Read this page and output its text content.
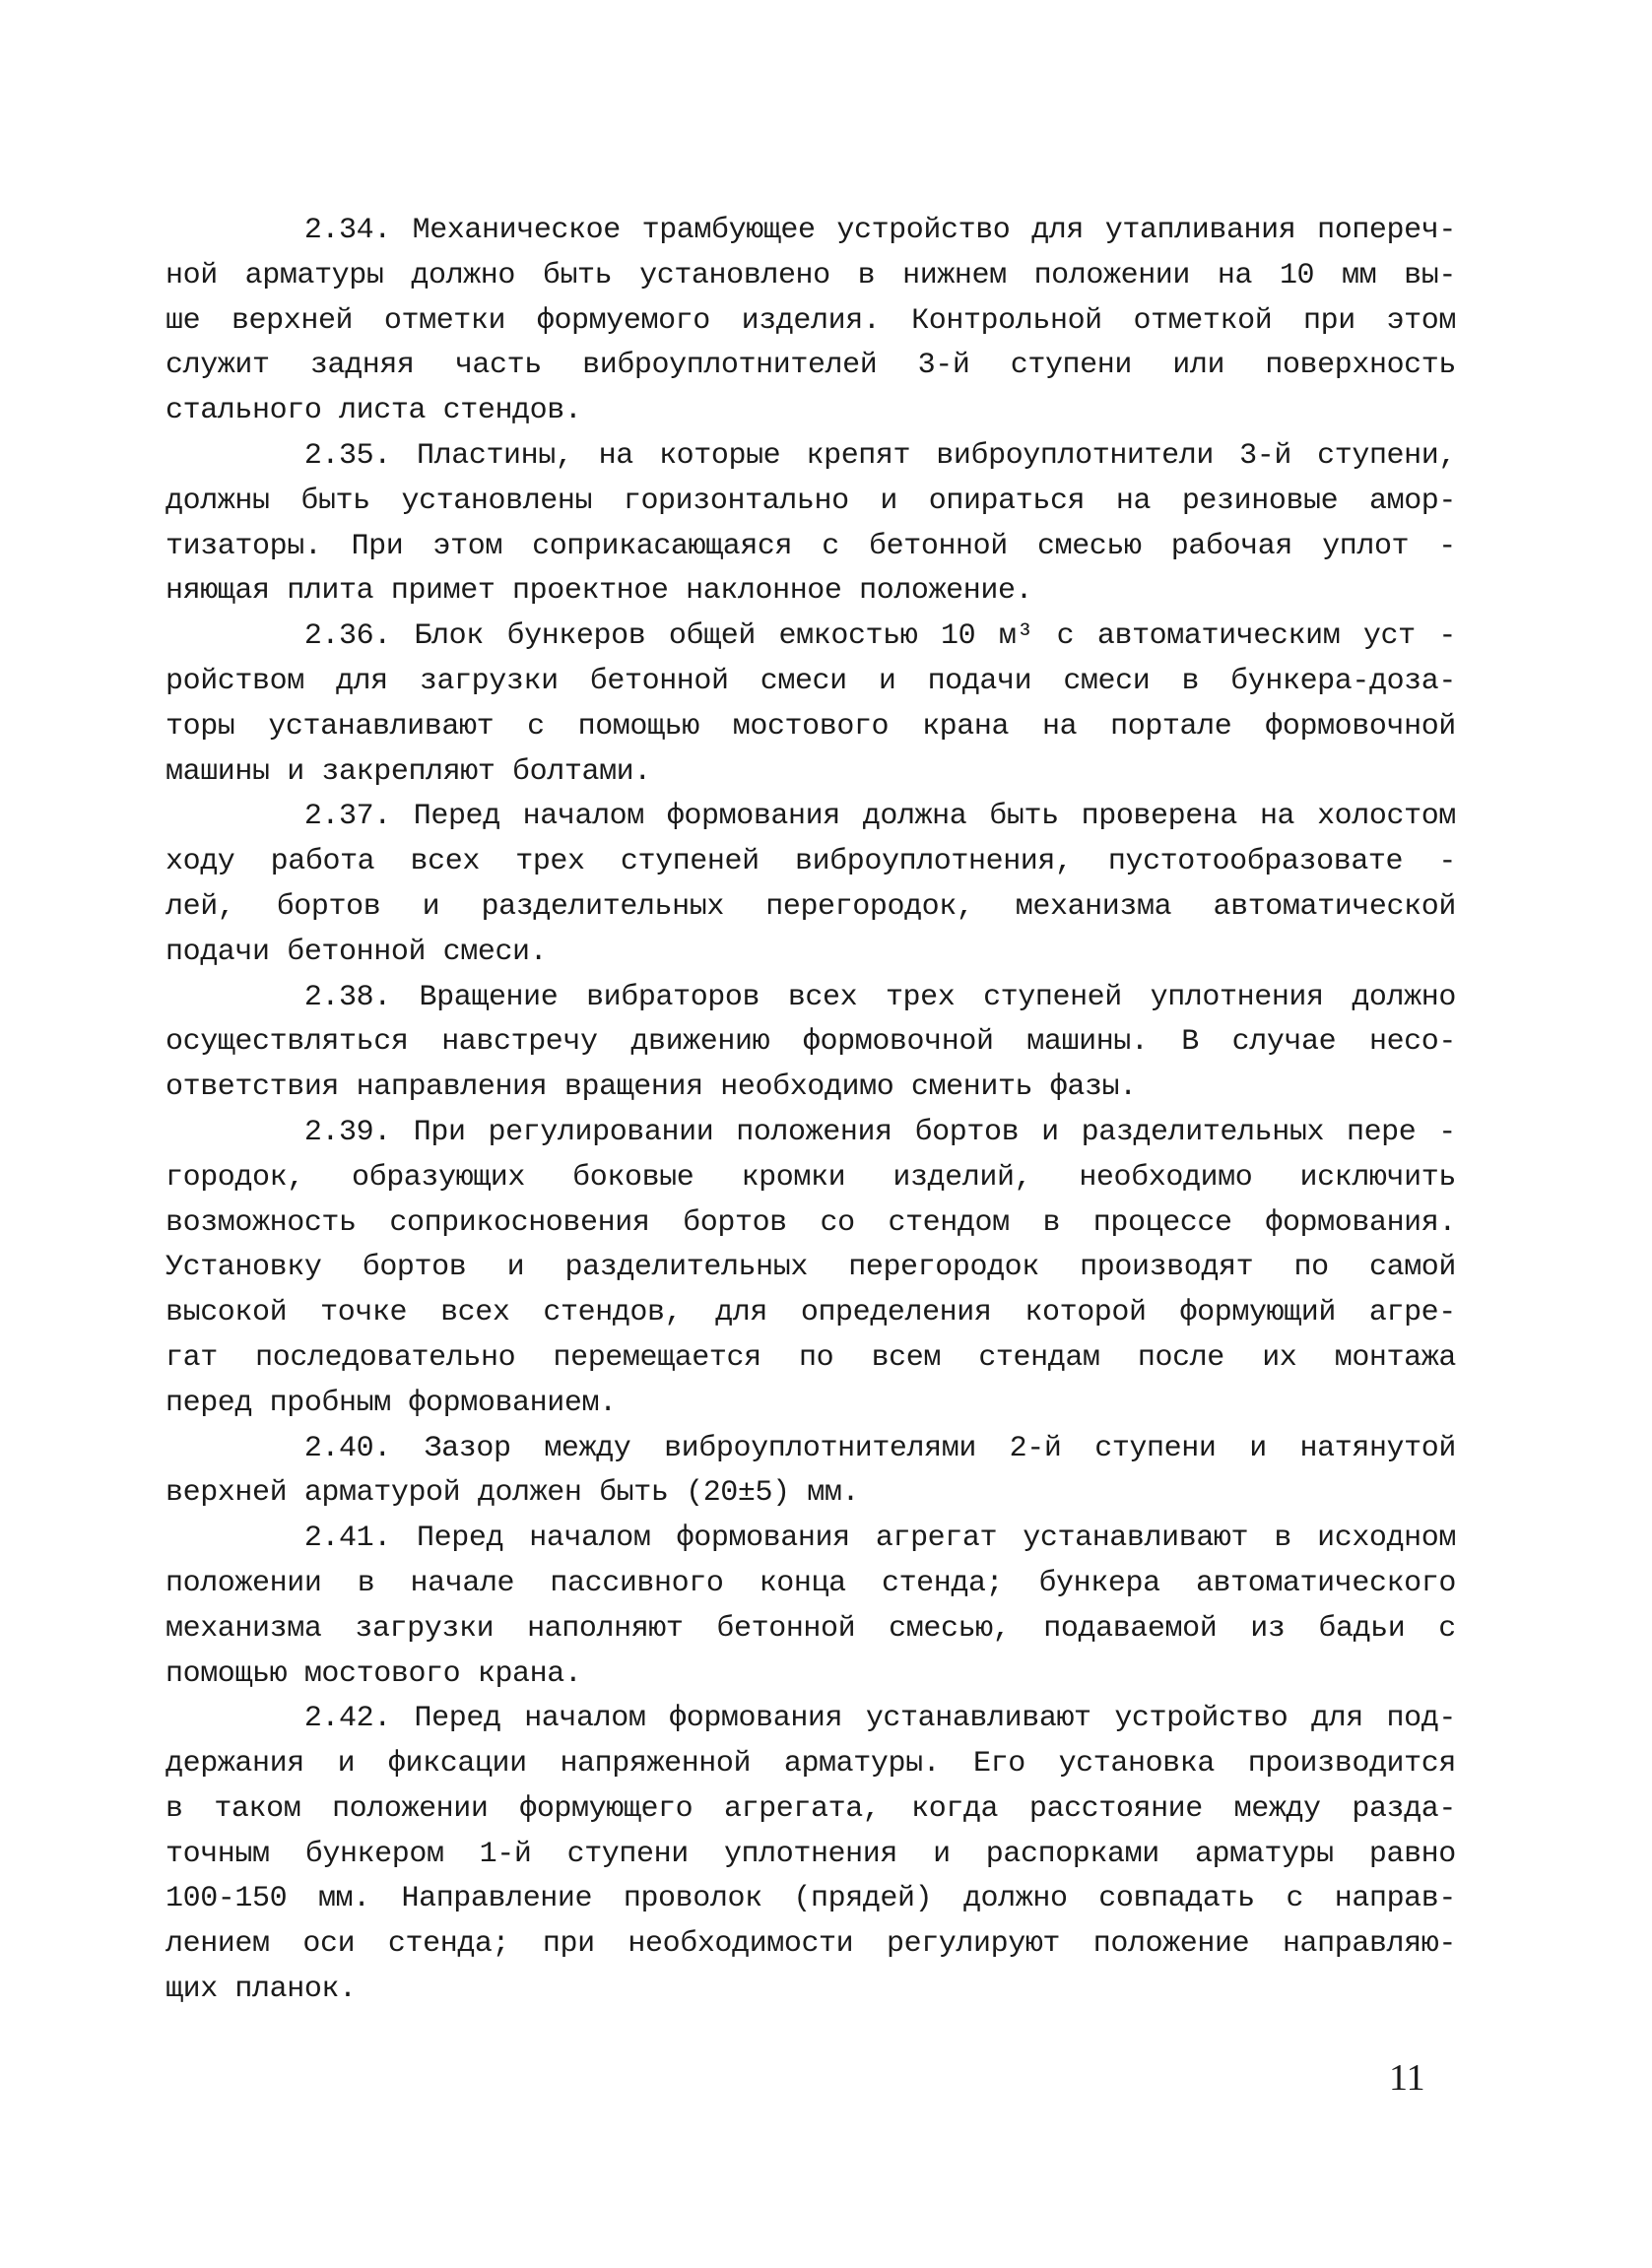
2.34. Механическое трамбующее устройство для утапливания попереч-
ной арматуры должно быть установлено в нижнем положении на 10 мм вы-
ше верхней отметки формуемого изделия. Контрольной отметкой при этом
служит задняя часть виброуплотнителей 3-й ступени или поверхность
стального листа стендов.
2.35. Пластины, на которые крепят виброуплотнители 3-й ступени,
должны быть установлены горизонтально и опираться на резиновые амор-
тизаторы. При этом соприкасающаяся с бетонной смесью рабочая уплот -
няющая плита примет проектное наклонное положение.
2.36. Блок бункеров общей емкостью 10 м³ с автоматическим уст -
ройством для загрузки бетонной смеси и подачи смеси в бункера-доза-
торы устанавливают с помощью мостового крана на портале формовочной
машины и закрепляют болтами.
2.37. Перед началом формования должна быть проверена на холостом
ходу работа всех трех ступеней виброуплотнения, пустотообразовате -
лей, бортов и разделительных перегородок, механизма автоматической
подачи бетонной смеси.
2.38. Вращение вибраторов всех трех ступеней уплотнения должно
осуществляться навстречу движению формовочной машины. В случае несо-
ответствия направления вращения необходимо сменить фазы.
2.39. При регулировании положения бортов и разделительных пере -
городок, образующих боковые кромки изделий, необходимо исключить
возможность соприкосновения бортов со стендом в процессе формования.
Установку бортов и разделительных перегородок производят по самой
высокой точке всех стендов, для определения которой формующий агре-
гат последовательно перемещается по всем стендам после их монтажа
перед пробным формованием.
2.40. Зазор между виброуплотнителями 2-й ступени и натянутой
верхней арматурой должен быть (20±5) мм.
2.41. Перед началом формования агрегат устанавливают в исходном
положении в начале пассивного конца стенда; бункера автоматического
механизма загрузки наполняют бетонной смесью, подаваемой из бадьи с
помощью мостового крана.
2.42. Перед началом формования устанавливают устройство для под-
держания и фиксации напряженной арматуры. Его установка производится
в таком положении формующего агрегата, когда расстояние между разда-
точным бункером 1-й ступени уплотнения и распорками арматуры равно
100-150 мм. Направление проволок (прядей) должно совпадать с направ-
лением оси стенда; при необходимости регулируют положение направляю-
щих планок.
11
